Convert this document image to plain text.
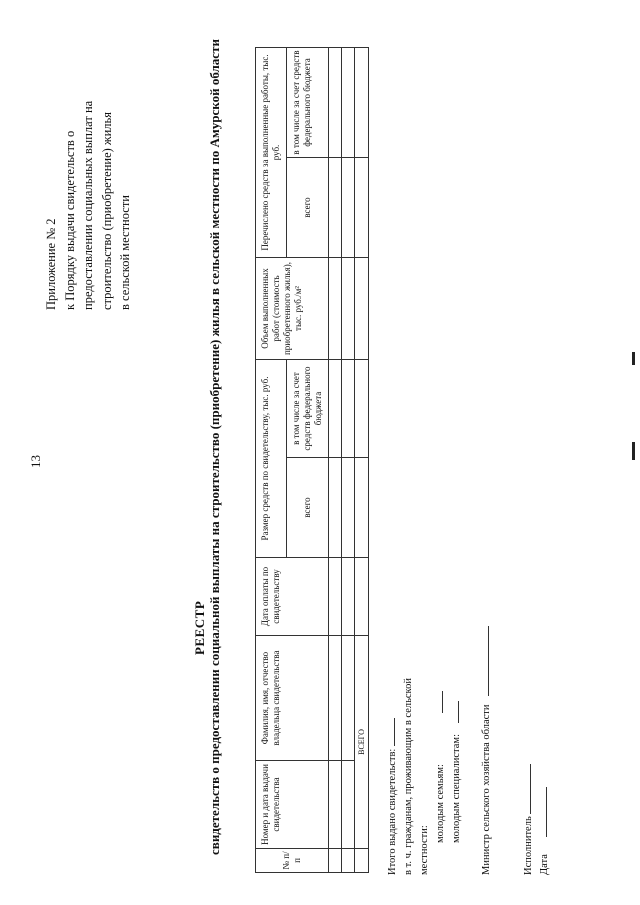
13
Приложение № 2 к Порядку выдачи свидетельств о предоставлении социальных выплат на строительство (приобретение) жилья в сельской местности
РЕЕСТР свидетельств о предоставлении социальной выплаты на строительство (приобретение) жилья в сельской местности по Амурской области
№ п/п	Номер и дата выдачи свидетельства	Фамилия, имя, отчество владельца свидетельства	Дата оплаты по свидетельству	Размер средств по свидетельству, тыс. руб.		Объем выполненных работ (стоимость приобретенного жилья), тыс. руб./м²	Перечислено средств за выполненные работы, тыс. руб.	
				всего	в том числе за счет средств федерального бюджета		всего	в том числе за счет средств федерального бюджета

	ВСЕГО							
Итого выдано свидетельств: в т. ч. гражданам, проживающим в сельской местности:
молодым семьям: молодым специалистам: Министр сельского хозяйства области	Исполнитель Дата
